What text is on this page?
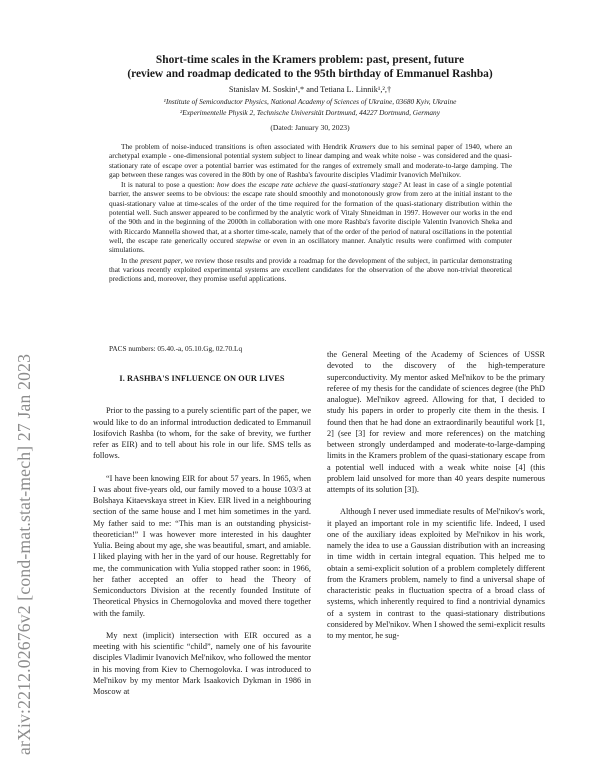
arXiv:2212.02676v2 [cond-mat.stat-mech] 27 Jan 2023
Short-time scales in the Kramers problem: past, present, future
(review and roadmap dedicated to the 95th birthday of Emmanuel Rashba)
Stanislav M. Soskin¹,* and Tetiana L. Linnik¹,²,†
¹Institute of Semiconductor Physics, National Academy of Sciences of Ukraine, 03680 Kyiv, Ukraine
²Experimentelle Physik 2, Technische Universität Dortmund, 44227 Dortmund, Germany
(Dated: January 30, 2023)

The problem of noise-induced transitions is often associated with Hendrik Kramers due to his seminal paper of 1940, where an archetypal example - one-dimensional potential system subject to linear damping and weak white noise - was considered and the quasi-stationary rate of escape over a potential barrier was estimated for the ranges of extremely small and moderate-to-large damping. The gap between these ranges was covered in the 80th by one of Rashba's favourite disciples Vladimir Ivanovich Mel'nikov.

It is natural to pose a question: how does the escape rate achieve the quasi-stationary stage? At least in case of a single potential barrier, the answer seems to be obvious: the escape rate should smoothly and monotonously grow from zero at the initial instant to the quasi-stationary value at time-scales of the order of the time required for the formation of the quasi-stationary distribution within the potential well. Such answer appeared to be confirmed by the analytic work of Vitaly Shneidman in 1997. However our works in the end of the 90th and in the beginning of the 2000th in collaboration with one more Rashba's favorite disciple Valentin Ivanovich Sheka and with Riccardo Mannella showed that, at a shorter time-scale, namely that of the order of the period of natural oscillations in the potential well, the escape rate generically occured stepwise or even in an oscillatory manner. Analytic results were confirmed with computer simulations.

In the present paper, we review those results and provide a roadmap for the development of the subject, in particular demonstrating that various recently exploited experimental systems are excellent candidates for the observation of the above non-trivial theoretical predictions and, moreover, they promise useful applications.

PACS numbers: 05.40.-a, 05.10.Gg, 02.70.Lq
I. RASHBA'S INFLUENCE ON OUR LIVES

Prior to the passing to a purely scientific part of the paper, we would like to do an informal introduction dedicated to Emmanuil Iosifovich Rashba (to whom, for the sake of brevity, we further refer as EIR) and to tell about his role in our life. SMS tells as follows.

“I have been knowing EIR for about 57 years. In 1965, when I was about five-years old, our family moved to a house 103/3 at Bolshaya Kitaevskaya street in Kiev. EIR lived in a neighbouring section of the same house and I met him sometimes in the yard. My father said to me: “This man is an outstanding physicist-theoretician!” I was however more interested in his daughter Yulia. Being about my age, she was beautiful, smart, and amiable. I liked playing with her in the yard of our house. Regrettably for me, the communication with Yulia stopped rather soon: in 1966, her father accepted an offer to head the Theory of Semiconductors Division at the recently founded Institute of Theoretical Physics in Chernogolovka and moved there together with the family.

My next (implicit) intersection with EIR occured as a meeting with his scientific “child”, namely one of his favourite disciples Vladimir Ivanovich Mel'nikov, who followed the mentor in his moving from Kiev to Chernogolovka. I was introduced to Mel'nikov by my mentor Mark Isaakovich Dykman in 1986 in Moscow at

the General Meeting of the Academy of Sciences of USSR devoted to the discovery of the high-temperature superconductivity. My mentor asked Mel'nikov to be the primary referee of my thesis for the candidate of sciences degree (the PhD analogue). Mel'nikov agreed. Allowing for that, I decided to study his papers in order to properly cite them in the thesis. I found then that he had done an extraordinarily beautiful work [1, 2] (see [3] for review and more references) on the matching between strongly underdamped and moderate-to-large-damping limits in the Kramers problem of the quasi-stationary escape from a potential well induced with a weak white noise [4] (this problem laid unsolved for more than 40 years despite numerous attempts of its solution [3]).

Although I never used immediate results of Mel'nikov's work, it played an important role in my scientific life. Indeed, I used one of the auxiliary ideas exploited by Mel'nikov in his work, namely the idea to use a Gaussian distribution with an increasing in time width in certain integral equation. This helped me to obtain a semi-explicit solution of a problem completely different from the Kramers problem, namely to find a universal shape of characteristic peaks in fluctuation spectra of a broad class of systems, which inherently required to find a nontrivial dynamics of a system in contrast to the quasi-stationary distributions considered by Mel'nikov. When I showed the semi-explicit results to my mentor, he sug-
